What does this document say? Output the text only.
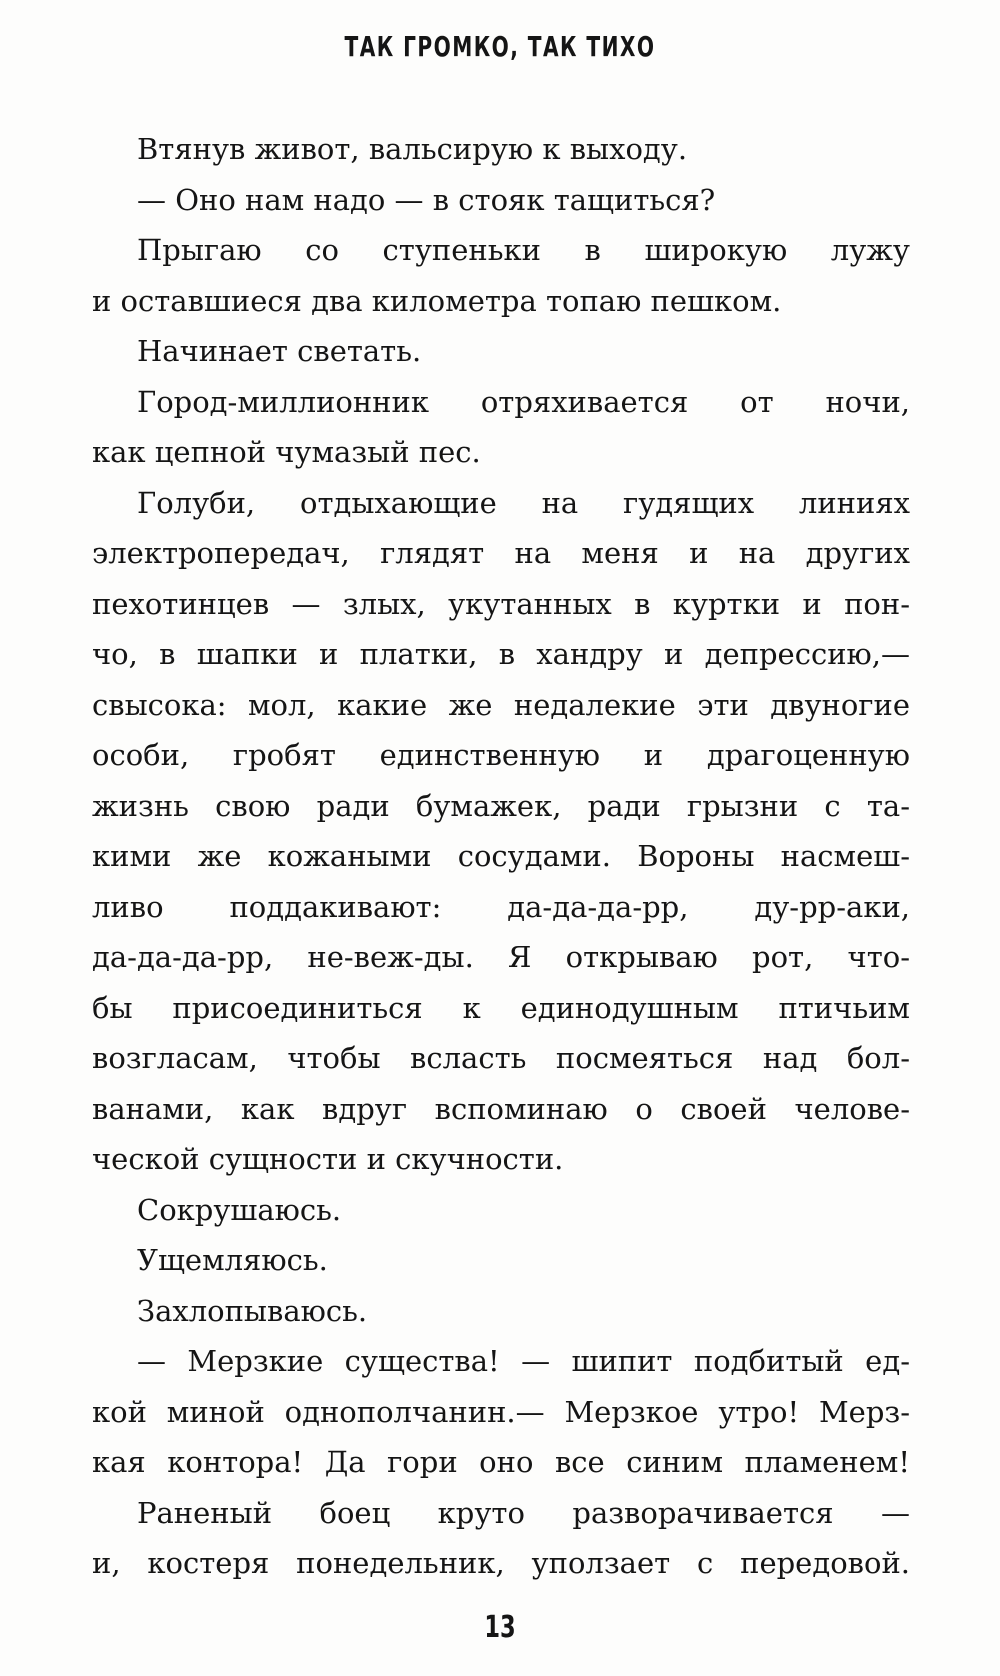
ТАК ГРОМКО, ТАК ТИХО
Втянув живот, вальсирую к выходу.
— Оно нам надо — в стояк тащиться?
Прыгаю со ступеньки в широкую лужу
и оставшиеся два километра топаю пешком.
Начинает светать.
Город-миллионник отряхивается от ночи,
как цепной чумазый пес.
Голуби, отдыхающие на гудящих линиях
электропередач, глядят на меня и на других
пехотинцев — злых, укутанных в куртки и пон-
чо, в шапки и платки, в хандру и депрессию,—
свысока: мол, какие же недалекие эти двуногие
особи, гробят единственную и драгоценную
жизнь свою ради бумажек, ради грызни с та-
кими же кожаными сосудами. Вороны насмеш-
ливо поддакивают: да-да-да-рр, ду-рр-аки,
да-да-да-рр, не-веж-ды. Я открываю рот, что-
бы присоединиться к единодушным птичьим
возгласам, чтобы всласть посмеяться над бол-
ванами, как вдруг вспоминаю о своей челове-
ческой сущности и скучности.
Сокрушаюсь.
Ущемляюсь.
Захлопываюсь.
— Мерзкие существа! — шипит подбитый ед-
кой миной однополчанин.— Мерзкое утро! Мерз-
кая контора! Да гори оно все синим пламенем!
Раненый боец круто разворачивается —
и, костеря понедельник, уползает с передовой.
13
